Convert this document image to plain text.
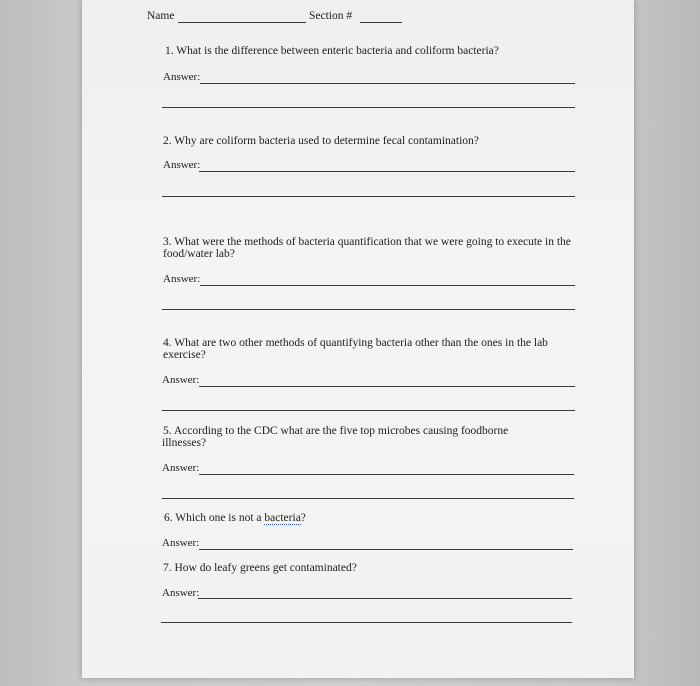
Name	Section #
1. What is the difference between enteric bacteria and coliform bacteria?
Answer:
2. Why are coliform bacteria used to determine fecal contamination?
Answer:
3. What were the methods of bacteria quantification that we were going to execute in the
food/water lab?
Answer:
4. What are two other methods of quantifying bacteria other than the ones in the lab
exercise?
Answer:
5. According to the CDC what are the five top microbes causing foodborne
illnesses?
Answer:
6. Which one is not a bacteria?
Answer:
7. How do leafy greens get contaminated?
Answer:
